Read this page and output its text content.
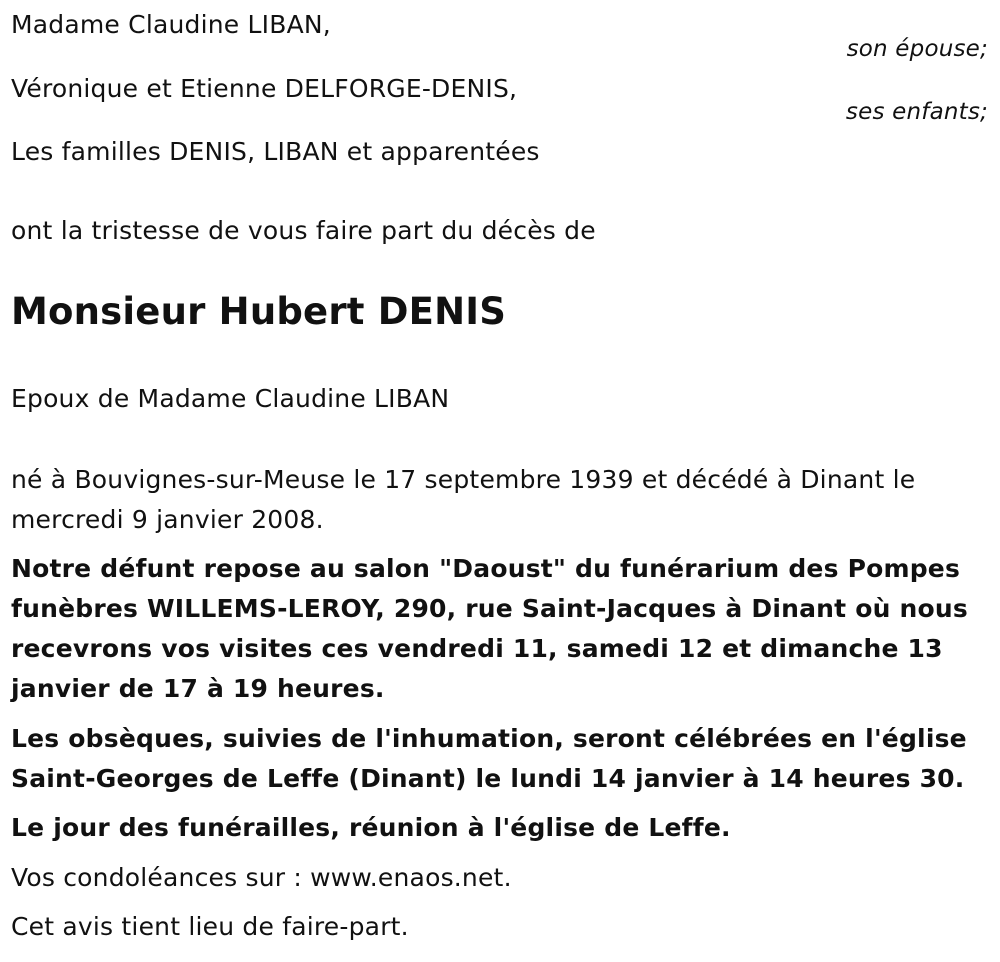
Madame Claudine LIBAN,
son épouse;
Véronique et Etienne DELFORGE-DENIS,
ses enfants;
Les familles DENIS, LIBAN et apparentées
ont la tristesse de vous faire part du décès de
Monsieur Hubert DENIS
Epoux de Madame Claudine LIBAN
né à Bouvignes-sur-Meuse le 17 septembre 1939 et décédé à Dinant le mercredi 9 janvier 2008.
Notre défunt repose au salon "Daoust" du funérarium des Pompes funèbres WILLEMS-LEROY, 290, rue Saint-Jacques à Dinant où nous recevrons vos visites ces vendredi 11, samedi 12 et dimanche 13 janvier de 17 à 19 heures.
Les obsèques, suivies de l'inhumation, seront célébrées en l'église Saint-Georges de Leffe (Dinant) le lundi 14 janvier à 14 heures 30.
Le jour des funérailles, réunion à l'église de Leffe.
Vos condoléances sur : www.enaos.net.
Cet avis tient lieu de faire-part.
